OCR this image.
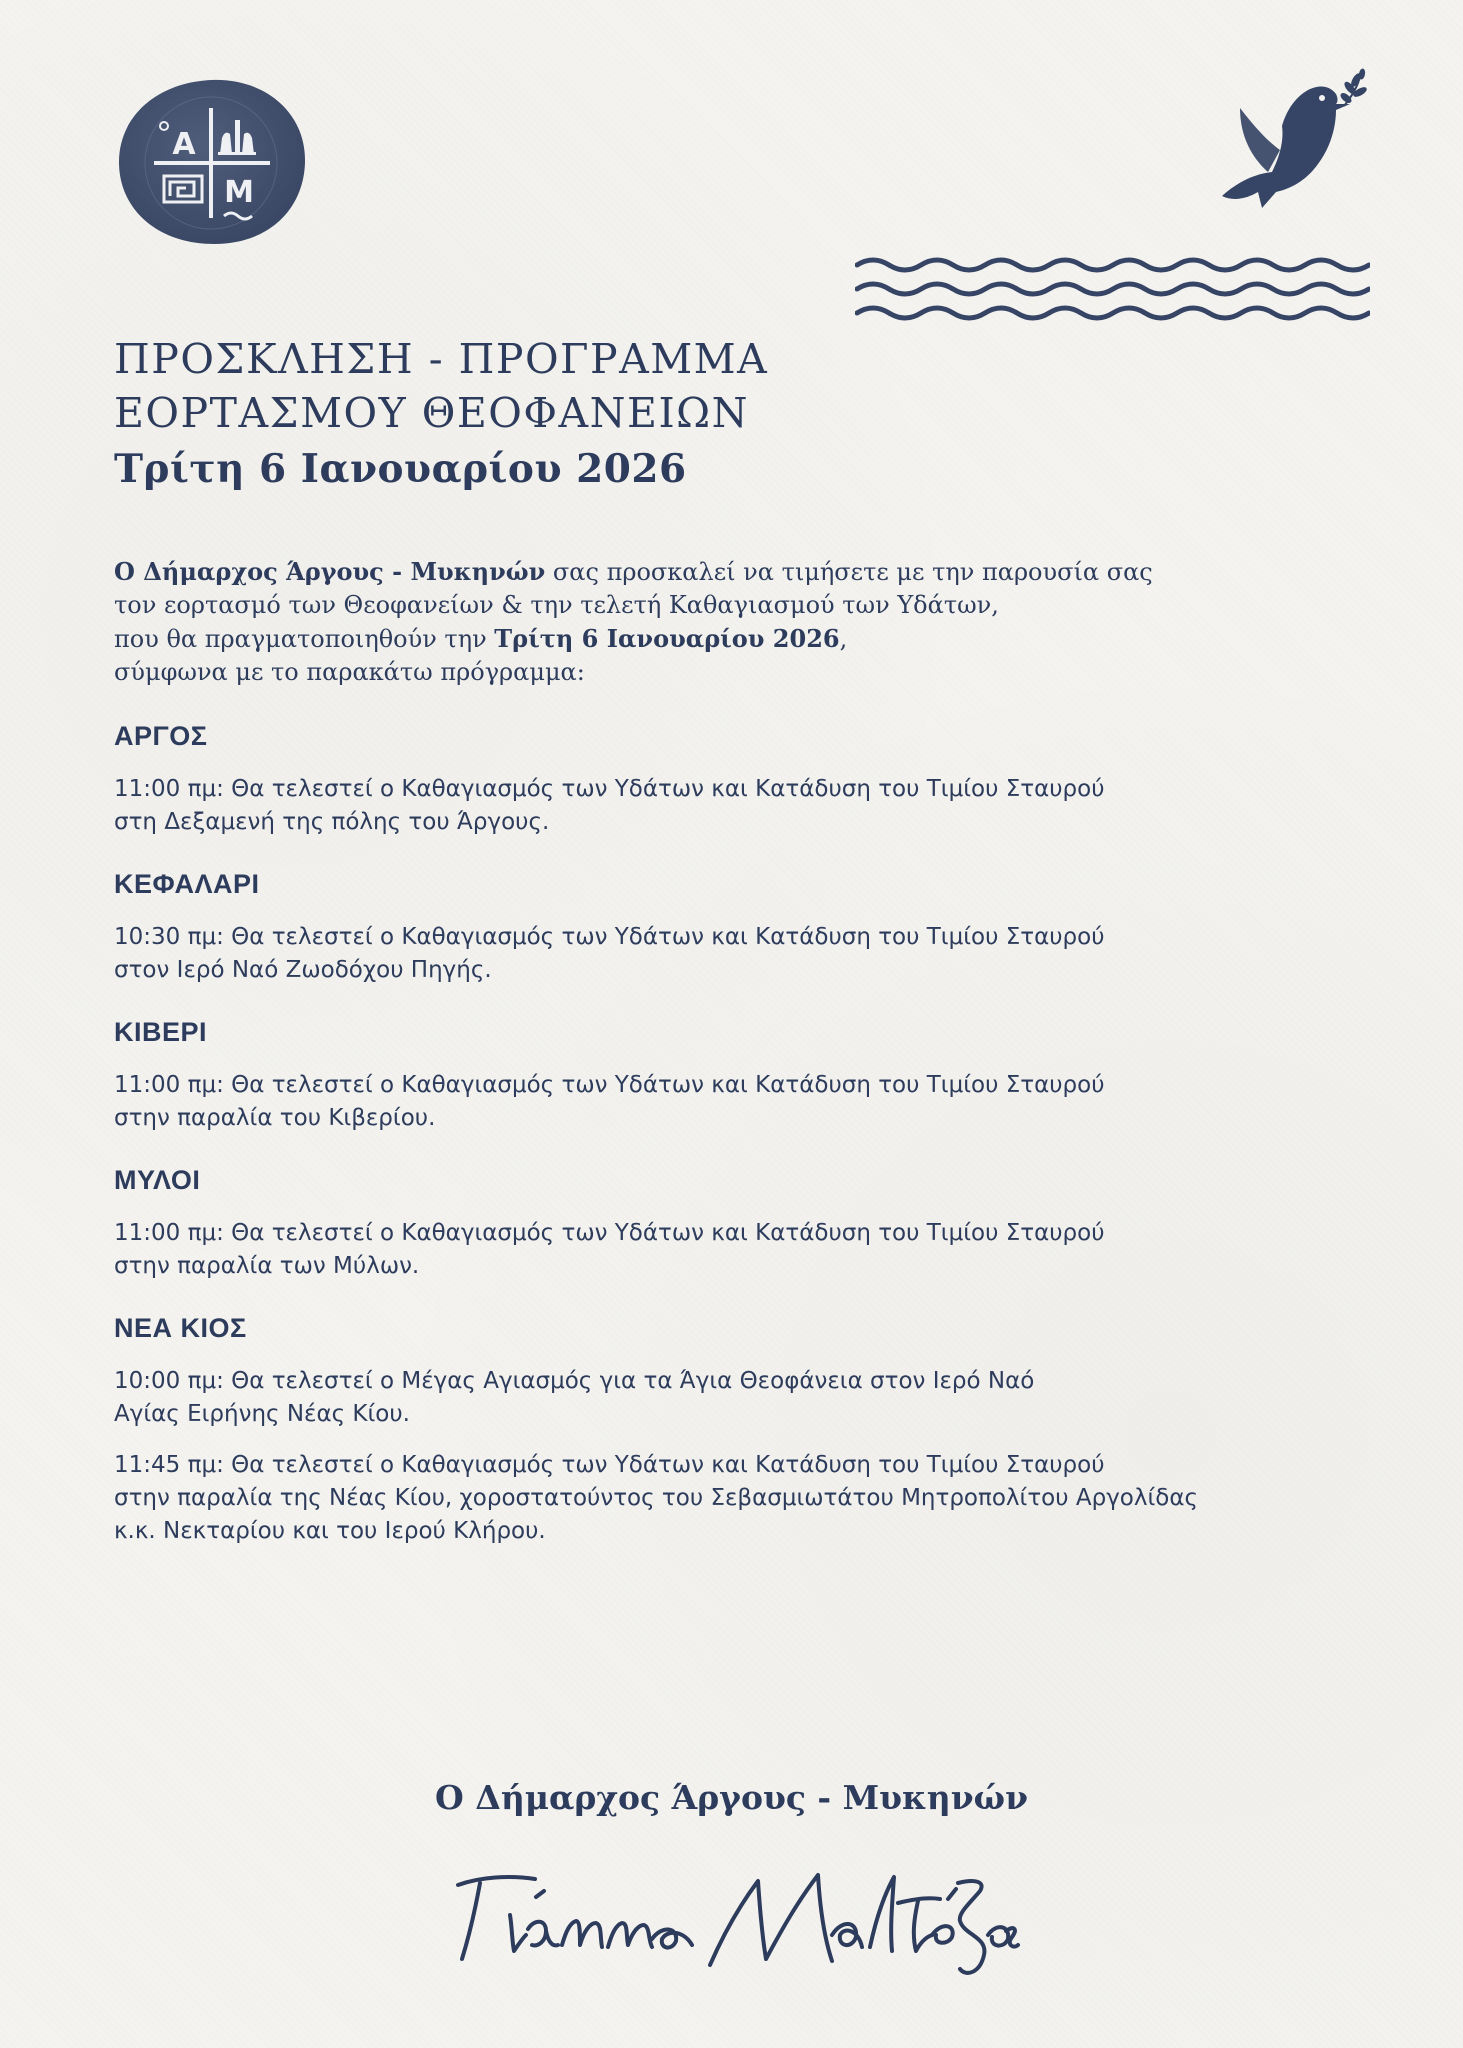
Α
Μ
ΠΡΟΣΚΛΗΣΗ - ΠΡΟΓΡΑΜΜΑ
ΕΟΡΤΑΣΜΟΥ ΘΕΟΦΑΝΕΙΩΝ
Τρίτη 6 Ιανουαρίου 2026

Ο Δήμαρχος Άργους - Μυκηνών σας προσκαλεί να τιμήσετε με την παρουσία σας

τον εορτασμό των Θεοφανείων & την τελετή Καθαγιασμού των Υδάτων,

που θα πραγματοποιηθούν την Τρίτη 6 Ιανουαρίου 2026,

σύμφωνα με το παρακάτω πρόγραμμα:

ΑΡΓΟΣ

11:00 πμ: Θα τελεστεί ο Καθαγιασμός των Υδάτων και Κατάδυση του Τιμίου Σταυρού

στη Δεξαμενή της πόλης του Άργους.

ΚΕΦΑΛΑΡΙ

10:30 πμ: Θα τελεστεί ο Καθαγιασμός των Υδάτων και Κατάδυση του Τιμίου Σταυρού

στον Ιερό Ναό Ζωοδόχου Πηγής.

ΚΙΒΕΡΙ

11:00 πμ: Θα τελεστεί ο Καθαγιασμός των Υδάτων και Κατάδυση του Τιμίου Σταυρού

στην παραλία του Κιβερίου.

ΜΥΛΟΙ

11:00 πμ: Θα τελεστεί ο Καθαγιασμός των Υδάτων και Κατάδυση του Τιμίου Σταυρού

στην παραλία των Μύλων.

ΝΕΑ ΚΙΟΣ

10:00 πμ: Θα τελεστεί ο Μέγας Αγιασμός για τα Άγια Θεοφάνεια στον Ιερό Ναό

Αγίας Ειρήνης Νέας Κίου.

11:45 πμ: Θα τελεστεί ο Καθαγιασμός των Υδάτων και Κατάδυση του Τιμίου Σταυρού

στην παραλία της Νέας Κίου, χοροστατούντος του Σεβασμιωτάτου Μητροπολίτου Αργολίδας

κ.κ. Νεκταρίου και του Ιερού Κλήρου.

Ο Δήμαρχος Άργους - Μυκηνών
Γιάννης Μαλτέζος
